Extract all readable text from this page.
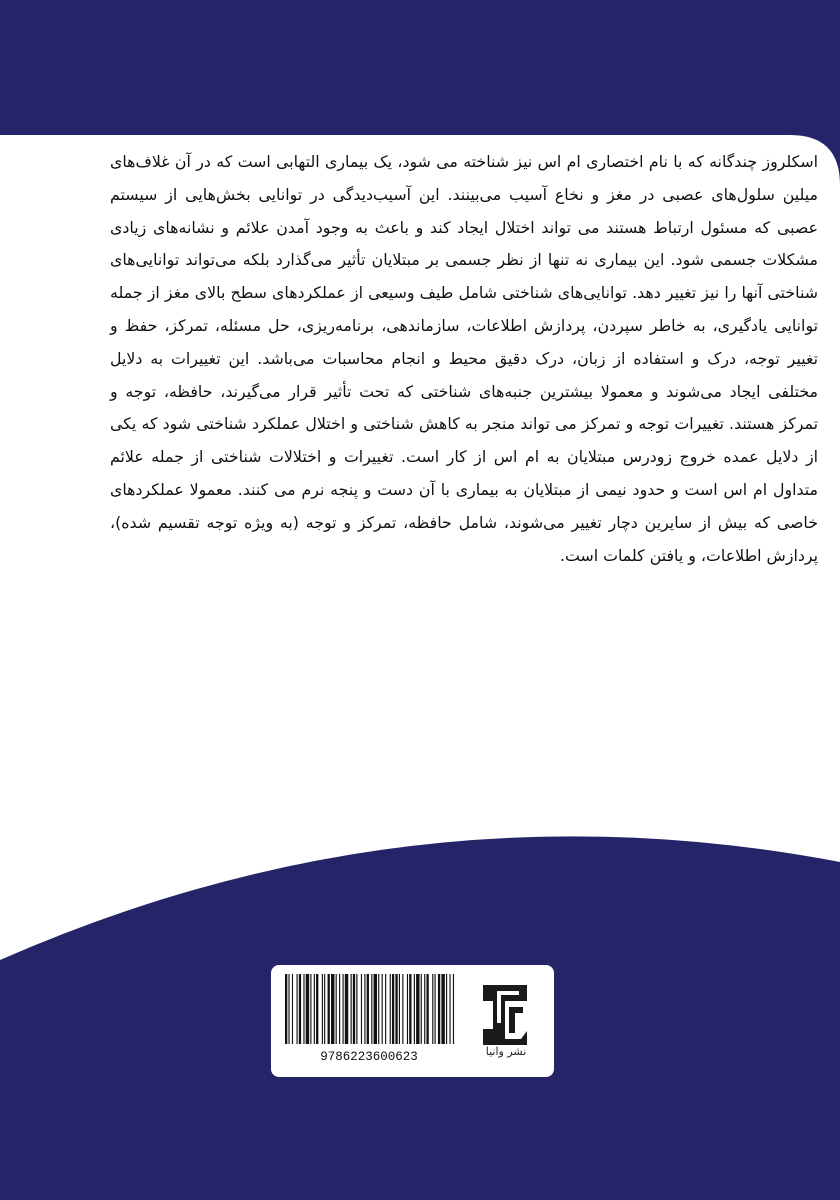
اسکلروز چندگانه که با نام اختصاری ام اس نیز شناخته می شود، یک بیماری التهابی است که در آن غلاف‌های میلین سلول‌های عصبی در مغز و نخاع آسیب می‌بینند. این آسیب‌دیدگی در توانایی بخش‌هایی از سیستم عصبی که مسئول ارتباط هستند می تواند اختلال ایجاد کند و باعث به وجود آمدن علائم و نشانه‌های زیادی مشکلات جسمی شود. این بیماری نه تنها از نظر جسمی بر مبتلایان تأثیر می‌گذارد بلکه می‌تواند توانایی‌های شناختی آنها را نیز تغییر دهد. توانایی‌های شناختی شامل طیف وسیعی از عملکردهای سطح بالای مغز از جمله توانایی یادگیری، به خاطر سپردن، پردازش اطلاعات، سازماندهی، برنامه‌ریزی، حل مسئله، تمرکز، حفظ و تغییر توجه، درک و استفاده از زبان، درک دقیق محیط و انجام محاسبات می‌باشد. این تغییرات به دلایل مختلفی ایجاد می‌شوند و معمولا بیشترین جنبه‌های شناختی که تحت تأثیر قرار می‌گیرند، حافظه، توجه و تمرکز هستند. تغییرات توجه و تمرکز می تواند منجر به کاهش شناختی و اختلال عملکرد شناختی شود که یکی از دلایل عمده خروج زودرس مبتلایان به ام اس از کار است. تغییرات و اختلالات شناختی از جمله علائم متداول ام اس است و حدود نیمی از مبتلایان به بیماری با آن دست و پنجه نرم می کنند. معمولا عملکردهای خاصی که بیش از سایرین دچار تغییر می‌شوند، شامل حافظه، تمرکز و توجه (به ویژه توجه تقسیم شده)، پردازش اطلاعات، و یافتن کلمات است.

9786223600623	نشر وانیا
